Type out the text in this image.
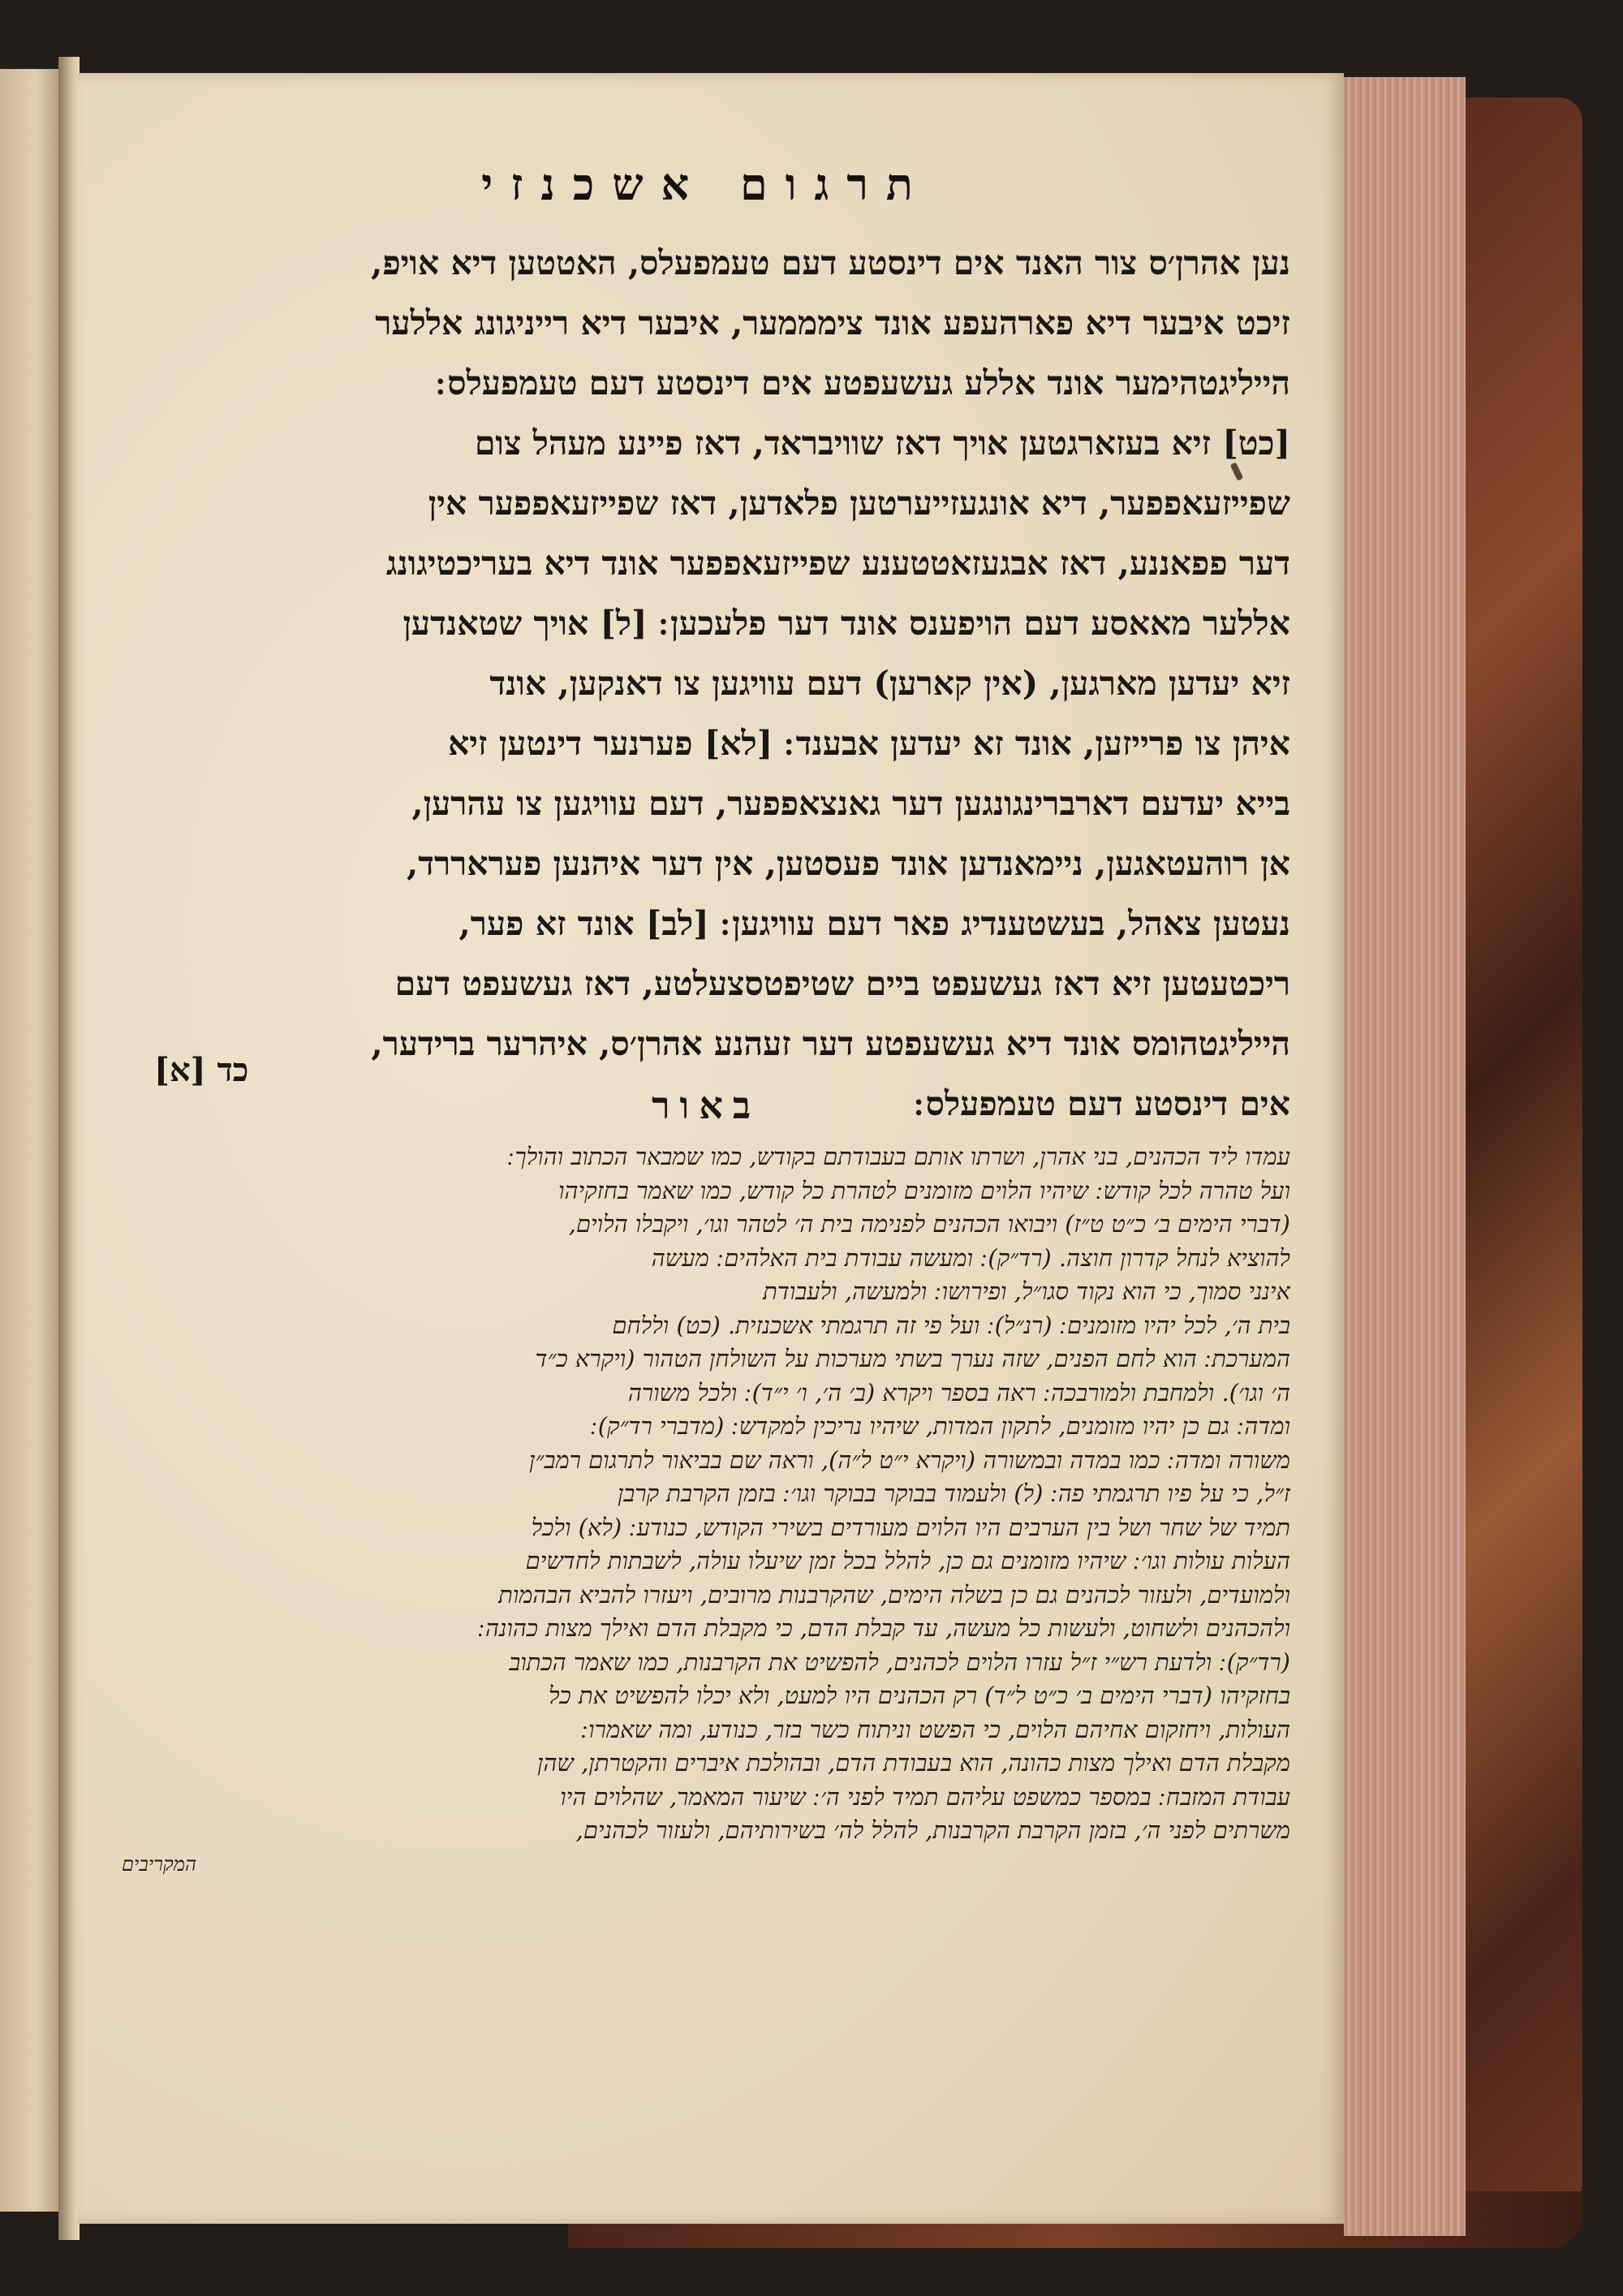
תרגום אשכנזי
נען אהרן׳ס צור האנד אים דינסטע דעם טעמפעלס, האטטען דיא אויפ,
זיכט איבער דיא פארהעפע אונד צימממער, איבער דיא רייניגונג אללער
הייליגטהימער אונד אללע געשעפטע אים דינסטע דעם טעמפעלס ׃
[כט] זיא בעזארגטען אויך דאז שוויבראד, דאז פיינע מעהל צום
שפייזעאפפער, דיא אונגעזייערטען פלאדען, דאז שפייזעאפפער אין
דער פפאננע, דאז אבגעזאטטענע שפייזעאפפער אונד דיא בעריכטיגונג
אללער מאאסע דעם הויפענס אונד דער פלעכען ׃ [ל] אויך שטאנדען
זיא יעדען מארגען, (אין קארען) דעם עוויגען צו דאנקען, אונד
איהן צו פרייזען, אונד זא יעדען אבענד ׃ [לא] פערנער דינטען זיא
בייא יעדעם דארברינגונגען דער גאנצאפפער, דעם עוויגען צו עהרען,
אן רוהעטאגען, ניימאנדען אונד פעסטען, אין דער איהנען פעראררד,
נעטען צאהל, בעשטענדיג פאר דעם עוויגען ׃ [לב] אונד זא פער,
ריכטעטען זיא דאז געשעפט ביים שטיפטסצעלטע, דאז געשעפט דעם
הייליגטהומס אונד דיא געשעפטע דער זעהנע אהרן׳ס, איהרער ברידער,
אים דינסטע דעם טעמפעלס ׃
כד [א]
באור
עמדו ליד הכהנים, בני אהרן, ושרתו אותם בעבודתם בקודש, כמו שמבאר הכתוב והולך ׃
ועל טהרה לכל קודש ׃ שיהיו הלוים מזומנים לטהרת כל קודש, כמו שאמר בחזקיהו
(דברי הימים ב׳ כ״ט ט״ז) ויבואו הכהנים לפנימה בית ה׳ לטהר וגו׳, ויקבלו הלוים,
להוציא לנחל קדרון חוצה. (רד״ק) ׃ ומעשה עבודת בית האלהים ׃ מעשה
אינני סמוך, כי הוא נקוד סגו״ל, ופירושו ׃ ולמעשה, ולעבודת
בית ה׳, לכל יהיו מזומנים ׃ (רנ״ל) ׃ ועל פי זה תרגמתי אשכנזית. (כט) וללחם
המערכת ׃ הוא לחם הפנים, שזה נערך בשתי מערכות על השולחן הטהור (ויקרא כ״ד
ה׳ וגו׳). ולמחבת ולמורבכה ׃ ראה בספר ויקרא (ב׳ ה׳, ו׳ י״ד) ׃ ולכל משורה
ומדה ׃ גם כן יהיו מזומנים, לתקון המדות, שיהיו נריכין למקדש ׃ (מדברי רד״ק) ׃
משורה ומדה ׃ כמו במדה ובמשורה (ויקרא י״ט ל״ה), וראה שם בביאור לתרגום רמב״ן
ז״ל, כי על פיו תרגמתי פה ׃ (ל) ולעמוד בבוקר בבוקר וגו׳ ׃ בזמן הקרבת קרבן
תמיד של שחר ושל בין הערבים היו הלוים מעורדים בשירי הקודש, כנודע ׃ (לא) ולכל
העלות עולות וגו׳ ׃ שיהיו מזומנים גם כן, להלל בכל זמן שיעלו עולה, לשבתות לחדשים
ולמועדים, ולעזור לכהנים גם כן בשלה הימים, שהקרבנות מרובים, ויעזרו להביא הבהמות
ולהכהנים ולשחוט, ולעשות כל מעשה, עד קבלת הדם, כי מקבלת הדם ואילך מצות כהונה ׃
(רד״ק) ׃ ולדעת רש״י ז״ל עזרו הלוים לכהנים, להפשיט את הקרבנות, כמו שאמר הכתוב
בחזקיהו (דברי הימים ב׳ כ״ט ל״ד) רק הכהנים היו למעט, ולא יכלו להפשיט את כל
העולות, ויחזקום אחיהם הלוים, כי הפשט וניתוח כשר בזר, כנודע, ומה שאמרו ׃
מקבלת הדם ואילך מצות כהונה, הוא בעבודת הדם, ובהולכת איברים והקטרתן, שהן
עבודת המזבח ׃ במספר כמשפט עליהם תמיד לפני ה׳ ׃ שיעור המאמר, שהלוים היו
משרתים לפני ה׳, בזמן הקרבת הקרבנות, להלל לה׳ בשירותיהם, ולעזור לכהנים,
המקריבים
